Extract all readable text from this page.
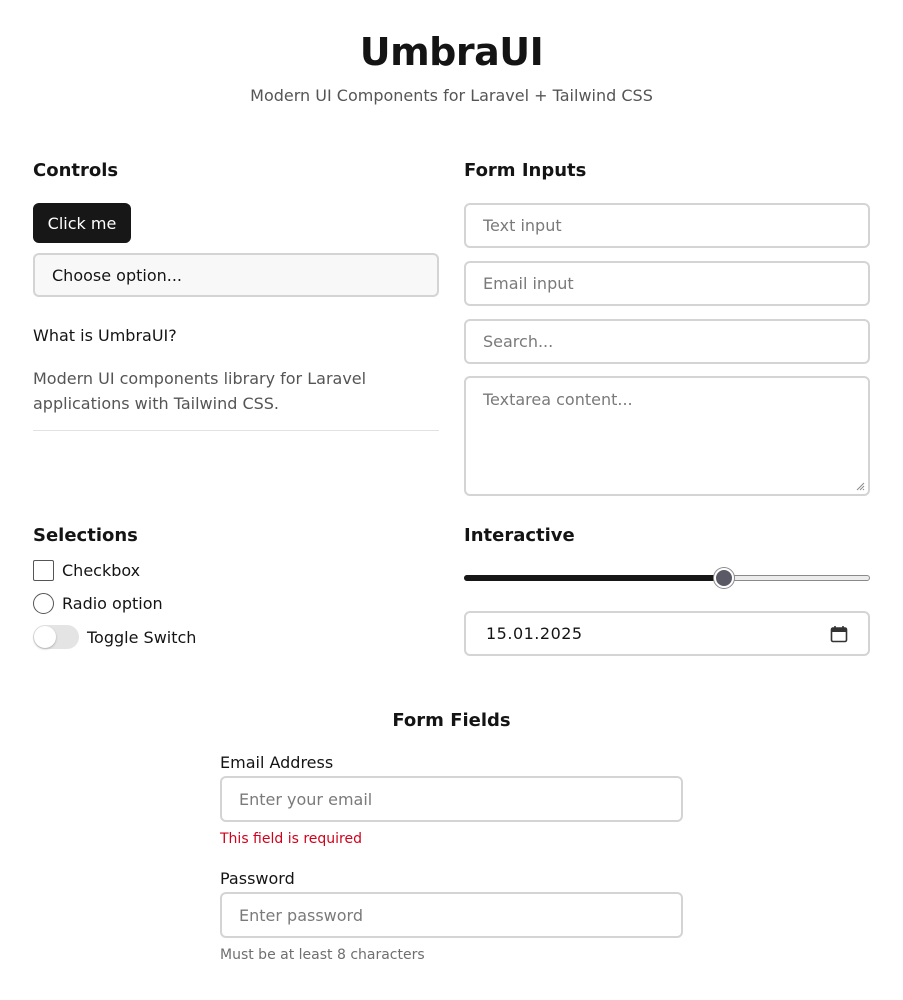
UmbraUI

Modern UI Components for Laravel + Tailwind CSS

Controls
Click me
Choose option...
What is UmbraUI?
Modern UI components library for Laravel applications with Tailwind CSS.
Form Inputs
Text input
Email input
Search...
Textarea content...
Selections
Checkbox
Radio option
Toggle Switch
Interactive
15.01.2025
Form Fields
Email Address
Enter your email
This field is required
Password
Enter password
Must be at least 8 characters
